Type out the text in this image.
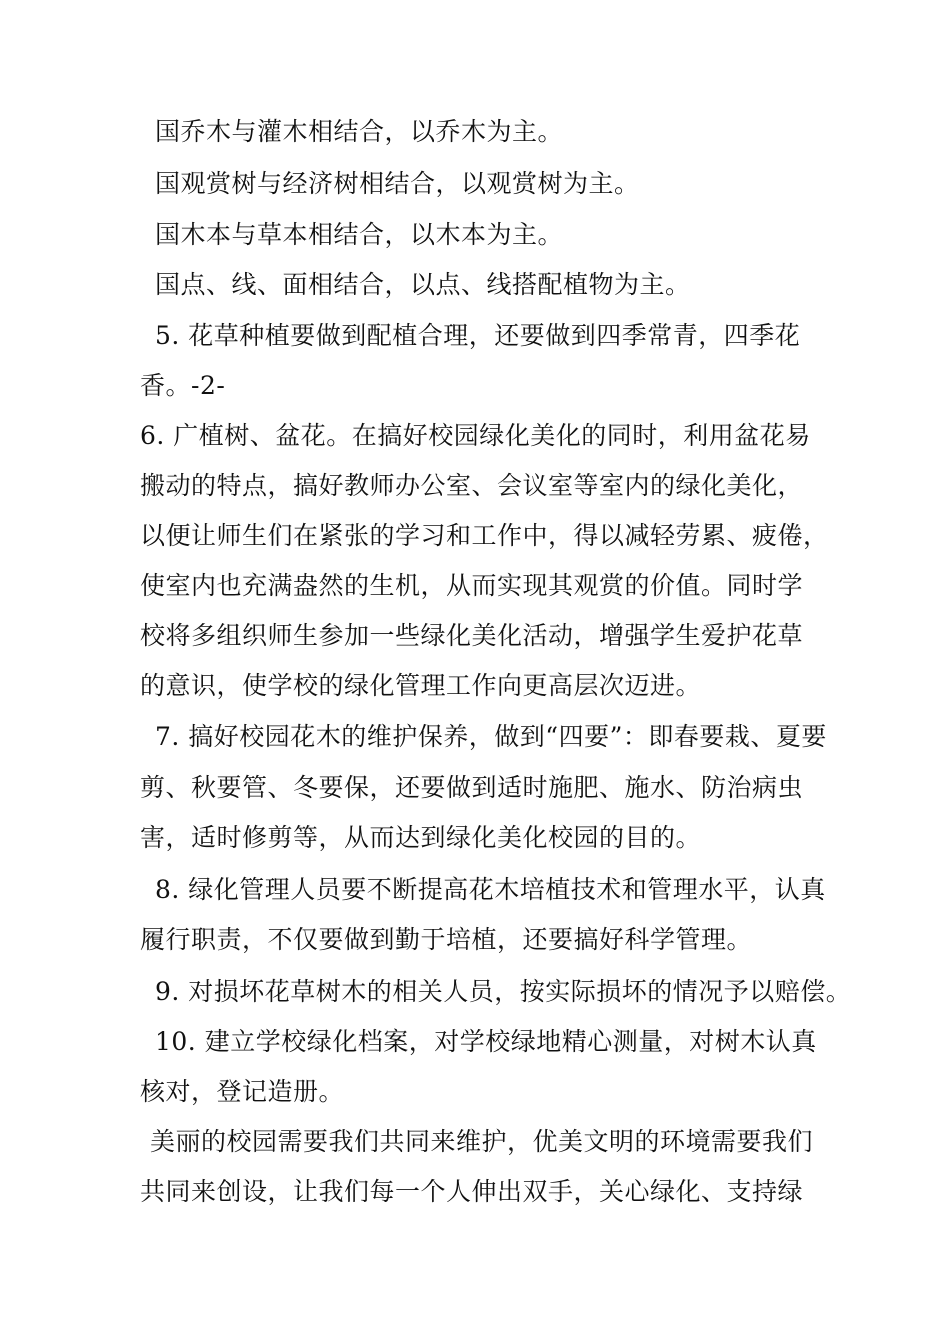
国乔木与灌木相结合，以乔木为主。
国观赏树与经济树相结合，以观赏树为主。
国木本与草本相结合，以木本为主。
国点、线、面相结合，以点、线搭配植物为主。
5. 花草种植要做到配植合理，还要做到四季常青，四季花
香。-2-
6. 广植树、盆花。在搞好校园绿化美化的同时，利用盆花易
搬动的特点，搞好教师办公室、会议室等室内的绿化美化，
以便让师生们在紧张的学习和工作中，得以减轻劳累、疲倦，
使室内也充满盎然的生机，从而实现其观赏的价值。同时学
校将多组织师生参加一些绿化美化活动，增强学生爱护花草
的意识，使学校的绿化管理工作向更高层次迈进。
7. 搞好校园花木的维护保养，做到“四要”：即春要栽、夏要
剪、秋要管、冬要保，还要做到适时施肥、施水、防治病虫
害，适时修剪等，从而达到绿化美化校园的目的。
8. 绿化管理人员要不断提高花木培植技术和管理水平，认真
履行职责，不仅要做到勤于培植，还要搞好科学管理。
9. 对损坏花草树木的相关人员，按实际损坏的情况予以赔偿。
10. 建立学校绿化档案，对学校绿地精心测量，对树木认真
核对，登记造册。
美丽的校园需要我们共同来维护，优美文明的环境需要我们
共同来创设，让我们每一个人伸出双手，关心绿化、支持绿
